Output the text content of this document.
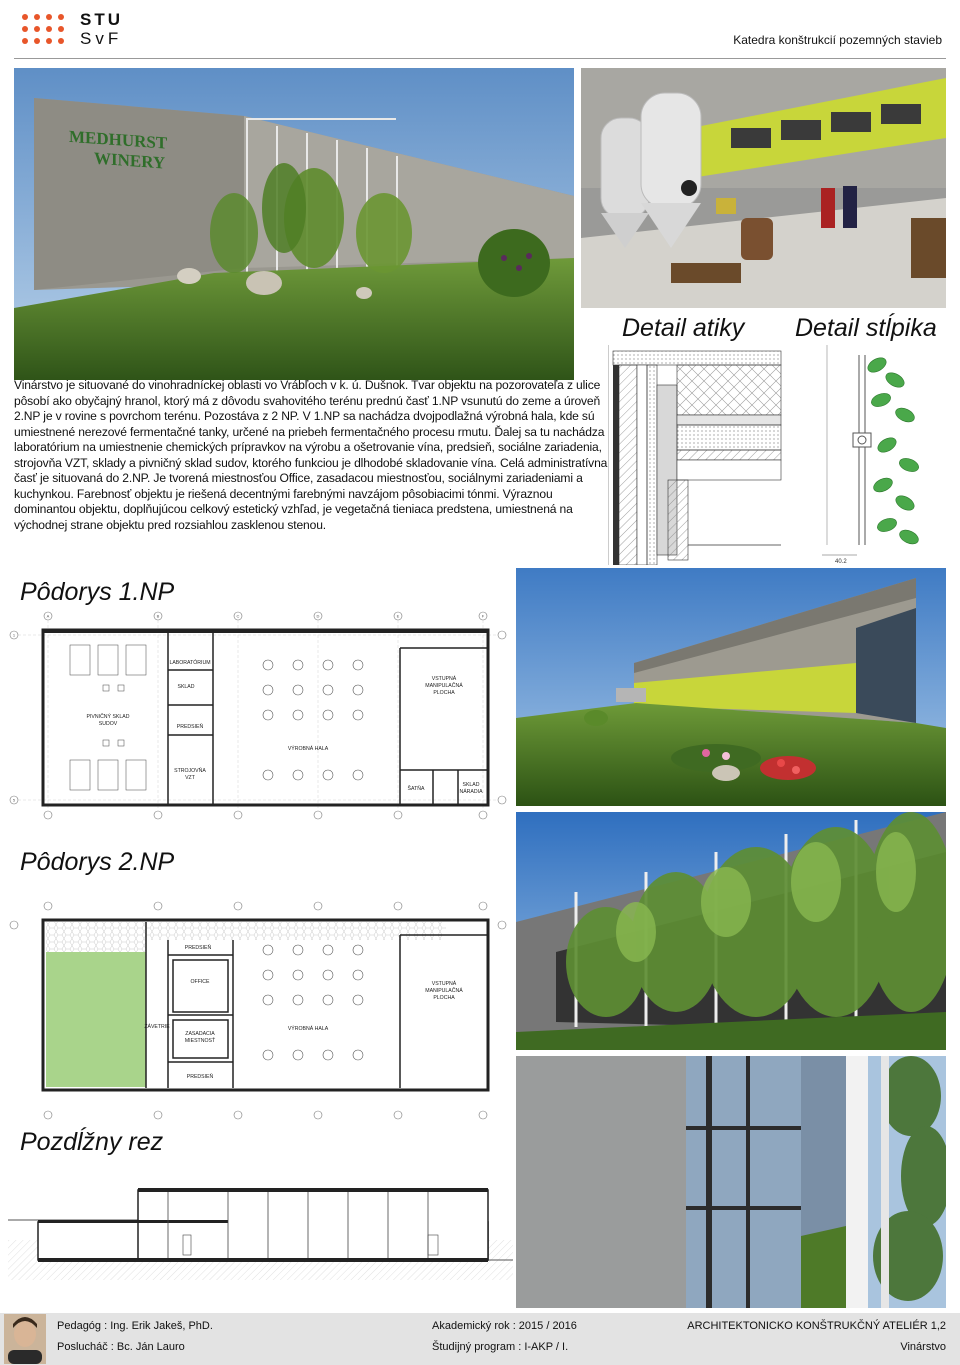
STU
SvF	Katedra konštrukcií pozemných stavieb
MEDHURST
WINERY
Detail atiky Detail stĺpika
40.2
Vinárstvo je situované do vinohradníckej oblasti vo Vrábľoch v k. ú. Dušnok. Tvar objektu na pozorovateľa z ulice pôsobí ako obyčajný hranol, ktorý má z dôvodu svahovitého terénu prednú časť 1.NP vsunutú do zeme a úroveň 2.NP je v rovine s povrchom terénu. Pozostáva z 2 NP. V 1.NP sa nachádza dvojpodlažná výrobná hala, kde sú umiestnené nerezové fermentačné tanky, určené na priebeh fermentačného procesu rmutu. Ďalej sa tu nachádza laboratórium na umiestnenie chemických prípravkov na výrobu a ošetrovanie vína, predsieň, sociálne zariadenia, strojovňa VZT, sklady a pivničný sklad sudov, ktorého funkciou je dlhodobé skladovanie vína. Celá administratívna časť je situovaná do 2.NP. Je tvorená miestnosťou Office, zasadacou miestnosťou, sociálnymi zariadeniami a kuchynkou. Farebnosť objektu je riešená decentnými farebnými navzájom pôsobiacimi tónmi. Výraznou dominantou objektu, doplňujúcou celkový estetický vzhľad, je vegetačná tieniaca predstena, umiestnená na východnej strane objektu pred rozsiahlou zasklenou stenou.
Pôdorys 1.NP
A	B	C	D	E	F
1
5
LABORATÓRIUM
SKLAD
PREDSIEŇ
STROJOVŇA
VZT
PIVNIČNÝ SKLAD
SUDOV
VÝROBNÁ HALA
VSTUPNÁ
MANIPULAČNÁ
PLOCHA
ŠATŇA
SKLAD
NÁRADIA
Pôdorys 2.NP
PREDSIEŇ
OFFICE
ZASADACIA
MIESTNOSŤ
ZÁVETRIE
PREDSIEŇ
VÝROBNÁ HALA
VSTUPNÁ
MANIPULAČNÁ
PLOCHA
Pozdĺžny rez
Pedagóg : Ing. Erik Jakeš, PhD.
Poslucháč : Bc. Ján Lauro
Akademický rok : 2015 / 2016
Študijný program : I-AKP / I.
ARCHITEKTONICKO KONŠTRUKČNÝ ATELIÉR 1,2
Vinárstvo
